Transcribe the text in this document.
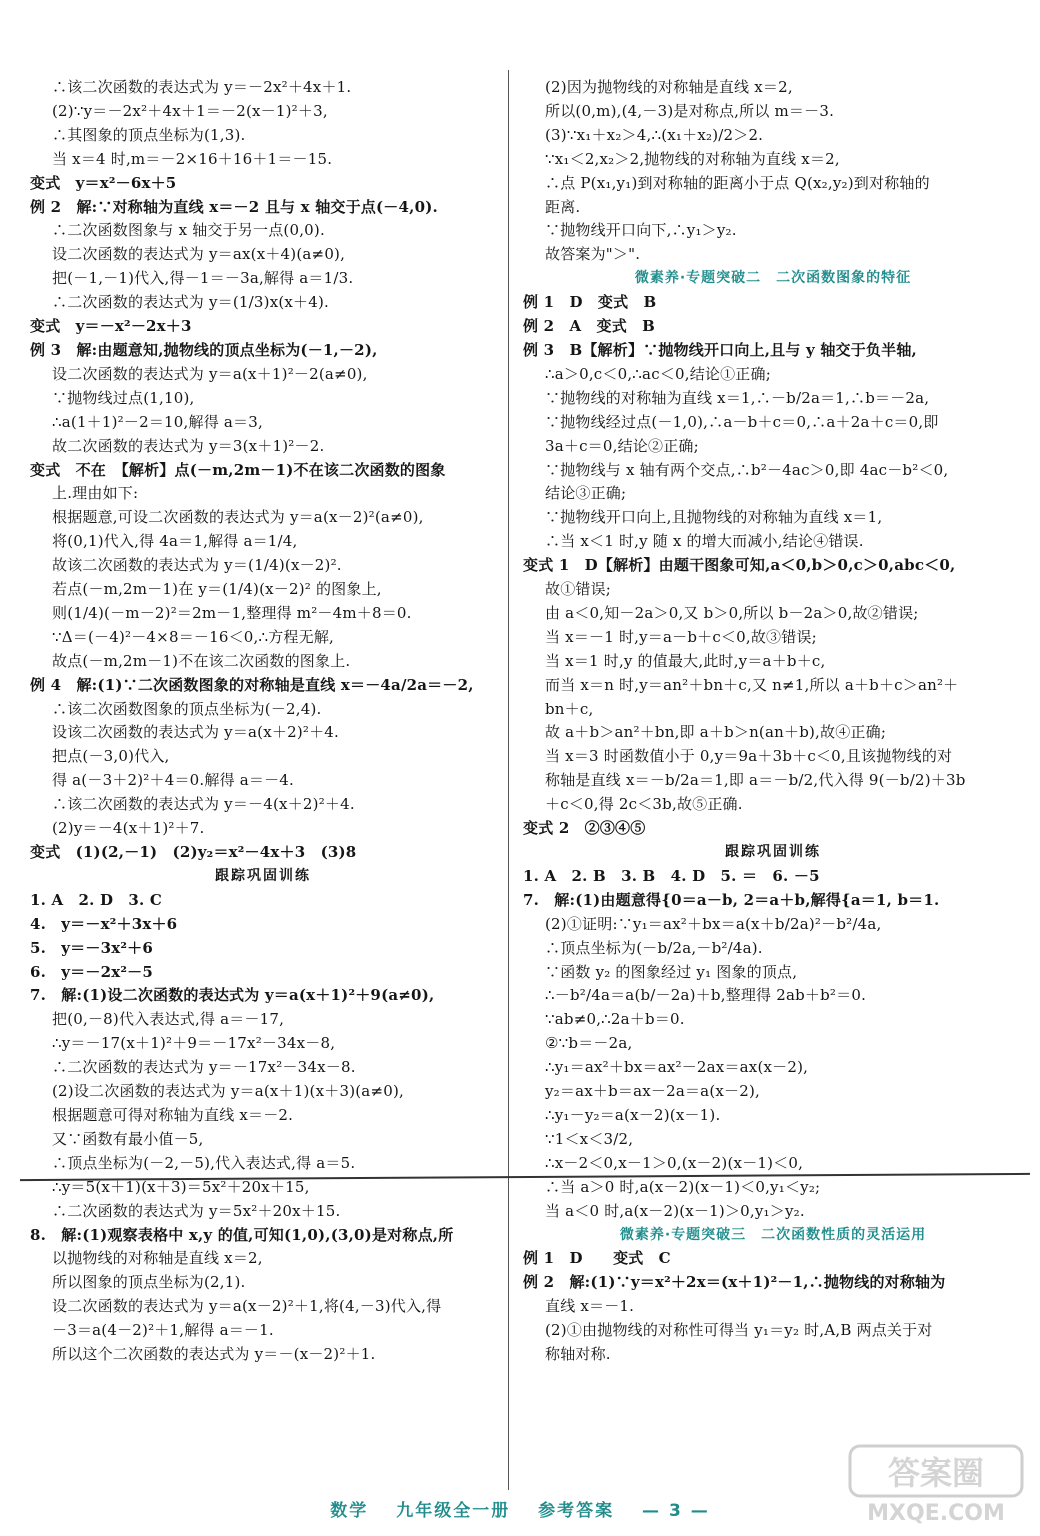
∴该二次函数的表达式为 y＝－2x²＋4x＋1.
(2)∵y＝－2x²＋4x＋1＝－2(x－1)²＋3,
∴其图象的顶点坐标为(1,3).
当 x＝4 时,m＝－2×16＋16＋1＝－15.
变式　y＝x²－6x＋5
例 2　解:∵对称轴为直线 x＝－2 且与 x 轴交于点(－4,0).
∴二次函数图象与 x 轴交于另一点(0,0).
设二次函数的表达式为 y＝ax(x＋4)(a≠0),
把(－1,－1)代入,得－1＝－3a,解得 a＝1/3.
∴二次函数的表达式为 y＝(1/3)x(x＋4).
变式　y＝－x²－2x＋3
例 3　解:由题意知,抛物线的顶点坐标为(－1,－2),
设二次函数的表达式为 y＝a(x＋1)²－2(a≠0),
∵抛物线过点(1,10),
∴a(1＋1)²－2＝10,解得 a＝3,
故二次函数的表达式为 y＝3(x＋1)²－2.
变式　不在　【解析】点(－m,2m－1)不在该二次函数的图象
上.理由如下:
根据题意,可设二次函数的表达式为 y＝a(x－2)²(a≠0),
将(0,1)代入,得 4a＝1,解得 a＝1/4,
故该二次函数的表达式为 y＝(1/4)(x－2)².
若点(－m,2m－1)在 y＝(1/4)(x－2)² 的图象上,
则(1/4)(－m－2)²＝2m－1,整理得 m²－4m＋8＝0.
∵Δ＝(－4)²－4×8＝－16＜0,∴方程无解,
故点(－m,2m－1)不在该二次函数的图象上.
例 4　解:(1)∵二次函数图象的对称轴是直线 x＝－4a/2a＝－2,
∴该二次函数图象的顶点坐标为(－2,4).
设该二次函数的表达式为 y＝a(x＋2)²＋4.
把点(－3,0)代入,
得 a(－3＋2)²＋4＝0.解得 a＝－4.
∴该二次函数的表达式为 y＝－4(x＋2)²＋4.
(2)y＝－4(x＋1)²＋7.
变式　(1)(2,－1)　(2)y₂＝x²－4x＋3　(3)8
跟踪巩固训练
1. A　2. D　3. C
4.　y＝－x²＋3x＋6
5.　y＝－3x²＋6
6.　y＝－2x²－5
7.　解:(1)设二次函数的表达式为 y＝a(x＋1)²＋9(a≠0),
把(0,－8)代入表达式,得 a＝－17,
∴y＝－17(x＋1)²＋9＝－17x²－34x－8,
∴二次函数的表达式为 y＝－17x²－34x－8.
(2)设二次函数的表达式为 y＝a(x＋1)(x＋3)(a≠0),
根据题意可得对称轴为直线 x＝－2.
又∵函数有最小值－5,
∴顶点坐标为(－2,－5),代入表达式,得 a＝5.
∴y＝5(x＋1)(x＋3)＝5x²＋20x＋15,
∴二次函数的表达式为 y＝5x²＋20x＋15.
8.　解:(1)观察表格中 x,y 的值,可知(1,0),(3,0)是对称点,所
以抛物线的对称轴是直线 x＝2,
所以图象的顶点坐标为(2,1).
设二次函数的表达式为 y＝a(x－2)²＋1,将(4,－3)代入,得
－3＝a(4－2)²＋1,解得 a＝－1.
所以这个二次函数的表达式为 y＝－(x－2)²＋1.
(2)因为抛物线的对称轴是直线 x＝2,
所以(0,m),(4,－3)是对称点,所以 m＝－3.
(3)∵x₁＋x₂＞4,∴(x₁＋x₂)/2＞2.
∵x₁＜2,x₂＞2,抛物线的对称轴为直线 x＝2,
∴点 P(x₁,y₁)到对称轴的距离小于点 Q(x₂,y₂)到对称轴的
距离.
∵抛物线开口向下,∴y₁＞y₂.
故答案为"＞".
微素养·专题突破二　二次函数图象的特征
例 1　D　变式　B
例 2　A　变式　B
例 3　B【解析】∵抛物线开口向上,且与 y 轴交于负半轴,
∴a＞0,c＜0,∴ac＜0,结论①正确;
∵抛物线的对称轴为直线 x＝1,∴－b/2a＝1,∴b＝－2a,
∵抛物线经过点(－1,0),∴a－b＋c＝0,∴a＋2a＋c＝0,即
3a＋c＝0,结论②正确;
∵抛物线与 x 轴有两个交点,∴b²－4ac＞0,即 4ac－b²＜0,
结论③正确;
∵抛物线开口向上,且抛物线的对称轴为直线 x＝1,
∴当 x＜1 时,y 随 x 的增大而减小,结论④错误.
变式 1　D【解析】由题干图象可知,a＜0,b＞0,c＞0,abc＜0,
故①错误;
由 a＜0,知－2a＞0,又 b＞0,所以 b－2a＞0,故②错误;
当 x＝－1 时,y＝a－b＋c＜0,故③错误;
当 x＝1 时,y 的值最大,此时,y＝a＋b＋c,
而当 x＝n 时,y＝an²＋bn＋c,又 n≠1,所以 a＋b＋c＞an²＋
bn＋c,
故 a＋b＞an²＋bn,即 a＋b＞n(an＋b),故④正确;
当 x＝3 时函数值小于 0,y＝9a＋3b＋c＜0,且该抛物线的对
称轴是直线 x＝－b/2a＝1,即 a＝－b/2,代入得 9(－b/2)＋3b
＋c＜0,得 2c＜3b,故⑤正确.
变式 2　②③④⑤
跟踪巩固训练
1. A　2. B　3. B　4. D　5. ＝　6. －5
7.　解:(1)由题意得{0＝a－b, 2＝a＋b,解得{a＝1, b＝1.
(2)①证明:∵y₁＝ax²＋bx＝a(x＋b/2a)²－b²/4a,
∴顶点坐标为(－b/2a,－b²/4a).
∵函数 y₂ 的图象经过 y₁ 图象的顶点,
∴－b²/4a＝a(b/－2a)＋b,整理得 2ab＋b²＝0.
∵ab≠0,∴2a＋b＝0.
②∵b＝－2a,
∴y₁＝ax²＋bx＝ax²－2ax＝ax(x－2),
y₂＝ax＋b＝ax－2a＝a(x－2),
∴y₁－y₂＝a(x－2)(x－1).
∵1＜x＜3/2,
∴x－2＜0,x－1＞0,(x－2)(x－1)＜0,
∴当 a＞0 时,a(x－2)(x－1)＜0,y₁＜y₂;
当 a＜0 时,a(x－2)(x－1)＞0,y₁＞y₂.
微素养·专题突破三　二次函数性质的灵活运用
例 1　D　　变式　C
例 2　解:(1)∵y＝x²＋2x＝(x＋1)²－1,∴抛物线的对称轴为
直线 x＝－1.
(2)①由抛物线的对称性可得当 y₁＝y₂ 时,A,B 两点关于对
称轴对称.
数学 九年级全一册 参考答案 — 3 —
答案圈
MXQE.COM
